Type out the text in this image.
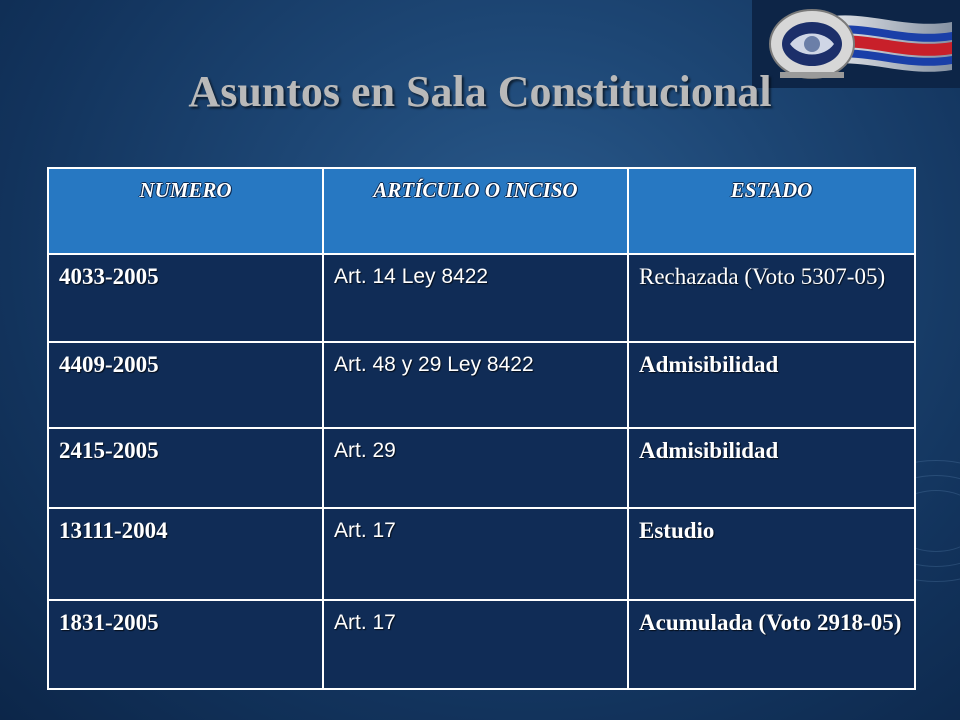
Asuntos en Sala Constitucional
NUMERO	ARTÍCULO O INCISO	ESTADO
4033-2005	Art. 14 Ley 8422	Rechazada (Voto 5307-05)
4409-2005	Art. 48 y 29 Ley 8422	Admisibilidad
2415-2005	Art. 29	Admisibilidad
13111-2004	Art. 17	Estudio
1831-2005	Art. 17	Acumulada (Voto 2918-05)
